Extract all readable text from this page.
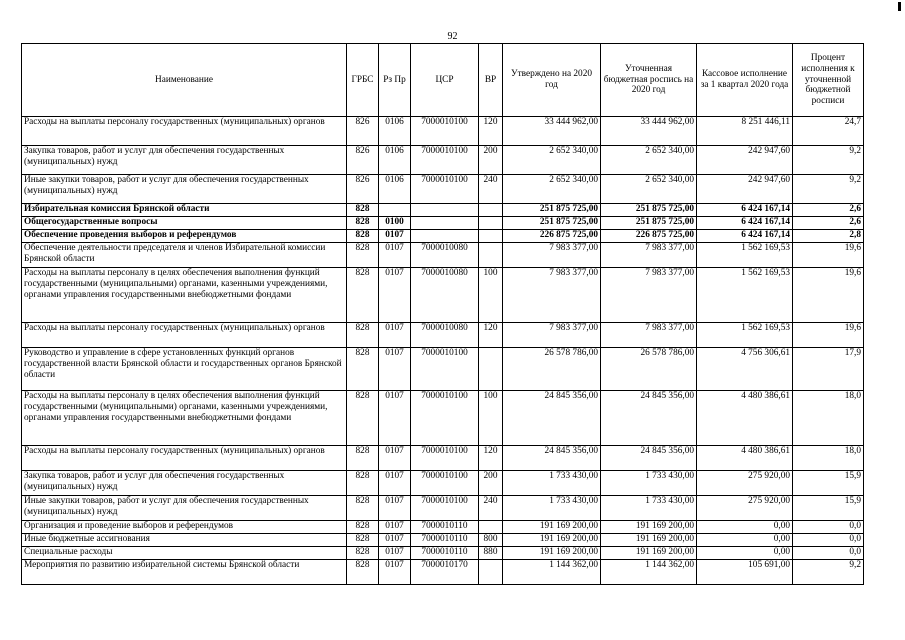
92
Наименование	ГРБС	Рз Пр	ЦСР	ВР	Утверждено на 2020 год	Уточненная бюджетная роспись на 2020 год	Кассовое исполнение за 1 квартал 2020 года	Процент исполнения к уточненной бюджетной росписи
Расходы на выплаты персоналу государственных (муниципальных) органов	826	0106	7000010100	120	33 444 962,00	33 444 962,00	8 251 446,11	24,7
Закупка товаров, работ и услуг для обеспечения государственных (муниципальных) нужд	826	0106	7000010100	200	2 652 340,00	2 652 340,00	242 947,60	9,2
Иные закупки товаров, работ и услуг для обеспечения государственных (муниципальных) нужд	826	0106	7000010100	240	2 652 340,00	2 652 340,00	242 947,60	9,2
Избирательная комиссия Брянской области	828				251 875 725,00	251 875 725,00	6 424 167,14	2,6
Общегосударственные вопросы	828	0100			251 875 725,00	251 875 725,00	6 424 167,14	2,6
Обеспечение проведения выборов и референдумов	828	0107			226 875 725,00	226 875 725,00	6 424 167,14	2,8
Обеспечение деятельности председателя и членов Избирательной комиссии Брянской области	828	0107	7000010080		7 983 377,00	7 983 377,00	1 562 169,53	19,6
Расходы на выплаты персоналу в целях обеспечения выполнения функций государственными (муниципальными) органами, казенными учреждениями, органами управления государственными внебюджетными фондами	828	0107	7000010080	100	7 983 377,00	7 983 377,00	1 562 169,53	19,6
Расходы на выплаты персоналу государственных (муниципальных) органов	828	0107	7000010080	120	7 983 377,00	7 983 377,00	1 562 169,53	19,6
Руководство и управление в сфере установленных функций органов государственной власти Брянской области и государственных органов Брянской области	828	0107	7000010100		26 578 786,00	26 578 786,00	4 756 306,61	17,9
Расходы на выплаты персоналу в целях обеспечения выполнения функций государственными (муниципальными) органами, казенными учреждениями, органами управления государственными внебюджетными фондами	828	0107	7000010100	100	24 845 356,00	24 845 356,00	4 480 386,61	18,0
Расходы на выплаты персоналу государственных (муниципальных) органов	828	0107	7000010100	120	24 845 356,00	24 845 356,00	4 480 386,61	18,0
Закупка товаров, работ и услуг для обеспечения государственных (муниципальных) нужд	828	0107	7000010100	200	1 733 430,00	1 733 430,00	275 920,00	15,9
Иные закупки товаров, работ и услуг для обеспечения государственных (муниципальных) нужд	828	0107	7000010100	240	1 733 430,00	1 733 430,00	275 920,00	15,9
Организация и проведение выборов и референдумов	828	0107	7000010110		191 169 200,00	191 169 200,00	0,00	0,0
Иные бюджетные ассигнования	828	0107	7000010110	800	191 169 200,00	191 169 200,00	0,00	0,0
Специальные расходы	828	0107	7000010110	880	191 169 200,00	191 169 200,00	0,00	0,0
Мероприятия по развитию избирательной системы Брянской области	828	0107	7000010170		1 144 362,00	1 144 362,00	105 691,00	9,2
